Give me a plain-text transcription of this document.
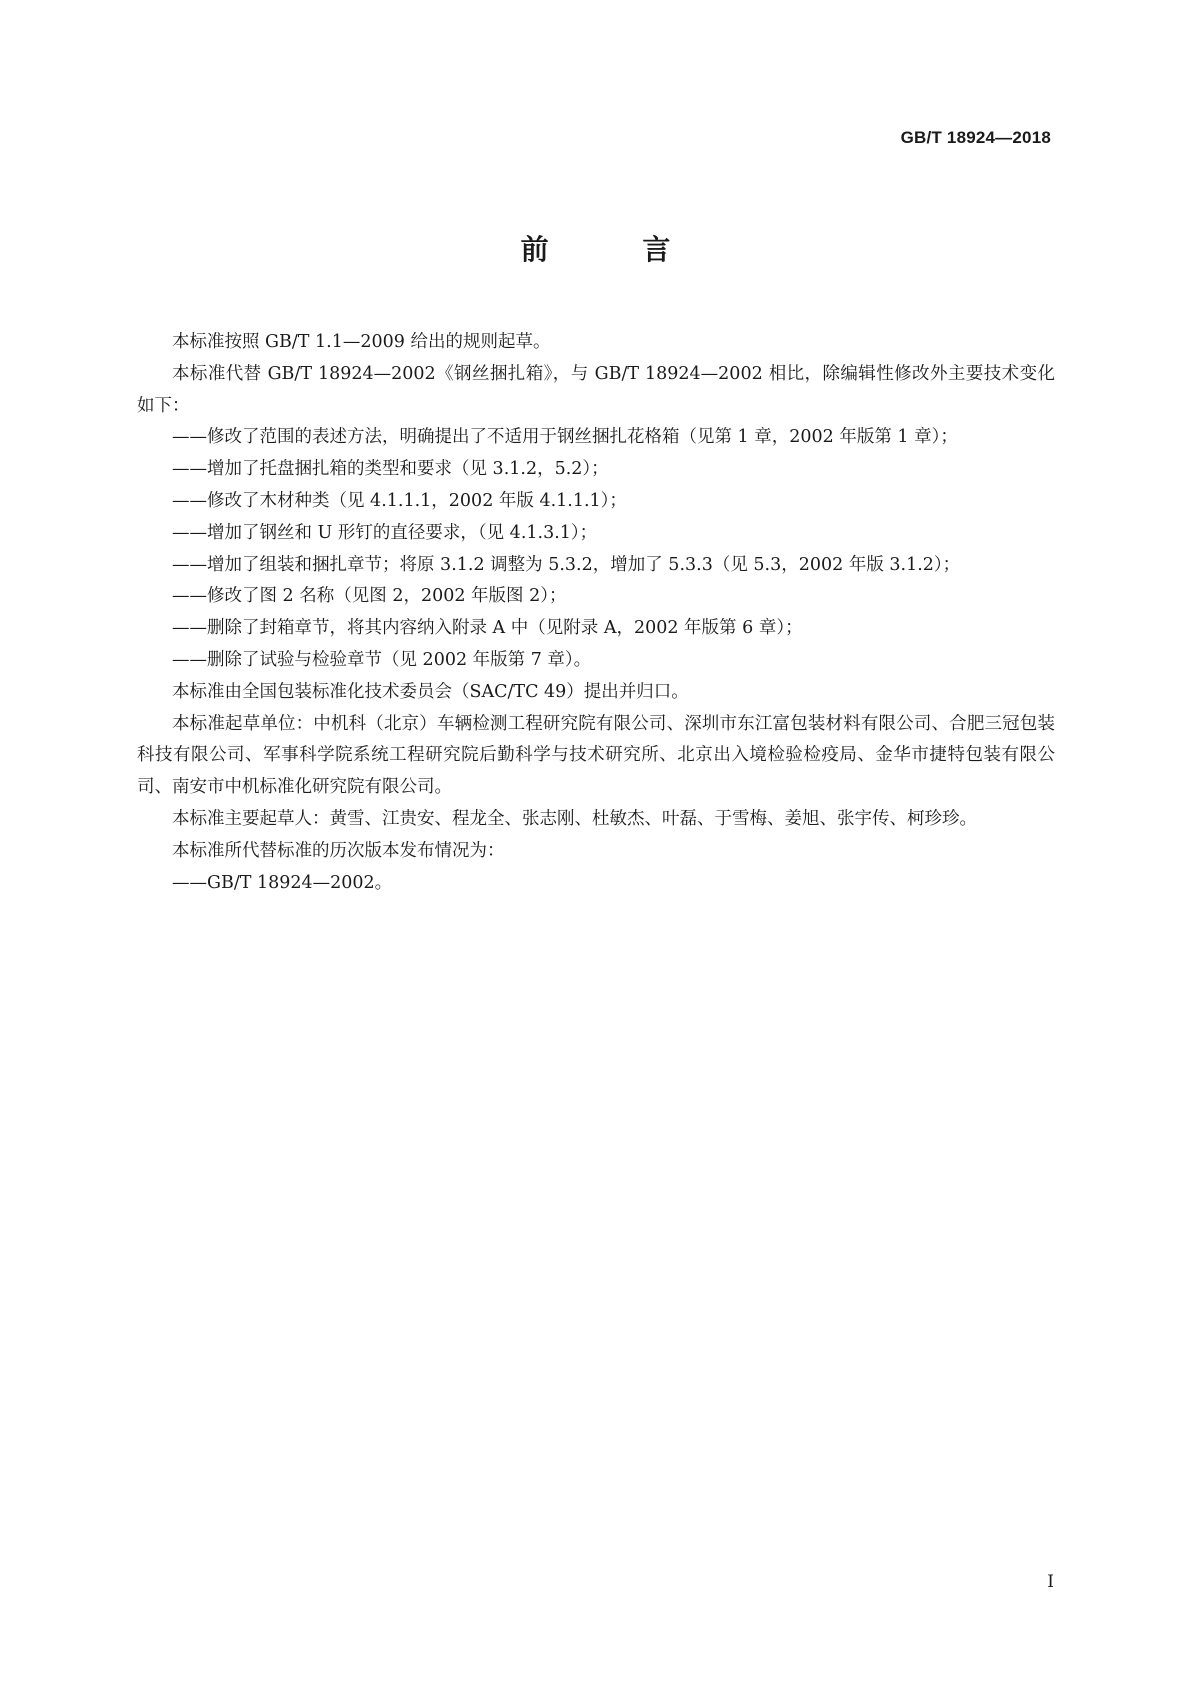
GB/T 18924—2018
前 言

本标准按照 GB/T 1.1—2009 给出的规则起草。

本标准代替 GB/T 18924—2002《钢丝捆扎箱》，与 GB/T 18924—2002 相比，除编辑性修改外主要技术变化如下：

——修改了范围的表述方法，明确提出了不适用于钢丝捆扎花格箱（见第 1 章，2002 年版第 1 章）；

——增加了托盘捆扎箱的类型和要求（见 3.1.2，5.2）；

——修改了木材种类（见 4.1.1.1，2002 年版 4.1.1.1）；

——增加了钢丝和 U 形钉的直径要求，（见 4.1.3.1）；

——增加了组装和捆扎章节；将原 3.1.2 调整为 5.3.2，增加了 5.3.3（见 5.3，2002 年版 3.1.2）；

——修改了图 2 名称（见图 2，2002 年版图 2）；

——删除了封箱章节，将其内容纳入附录 A 中（见附录 A，2002 年版第 6 章）；

——删除了试验与检验章节（见 2002 年版第 7 章）。

本标准由全国包装标准化技术委员会（SAC/TC 49）提出并归口。

本标准起草单位：中机科（北京）车辆检测工程研究院有限公司、深圳市东江富包装材料有限公司、合肥三冠包装科技有限公司、军事科学院系统工程研究院后勤科学与技术研究所、北京出入境检验检疫局、金华市捷特包装有限公司、南安市中机标准化研究院有限公司。

本标准主要起草人：黄雪、江贵安、程龙全、张志刚、杜敏杰、叶磊、于雪梅、姜旭、张宇传、柯珍珍。

本标准所代替标准的历次版本发布情况为：

——GB/T 18924—2002。

I
